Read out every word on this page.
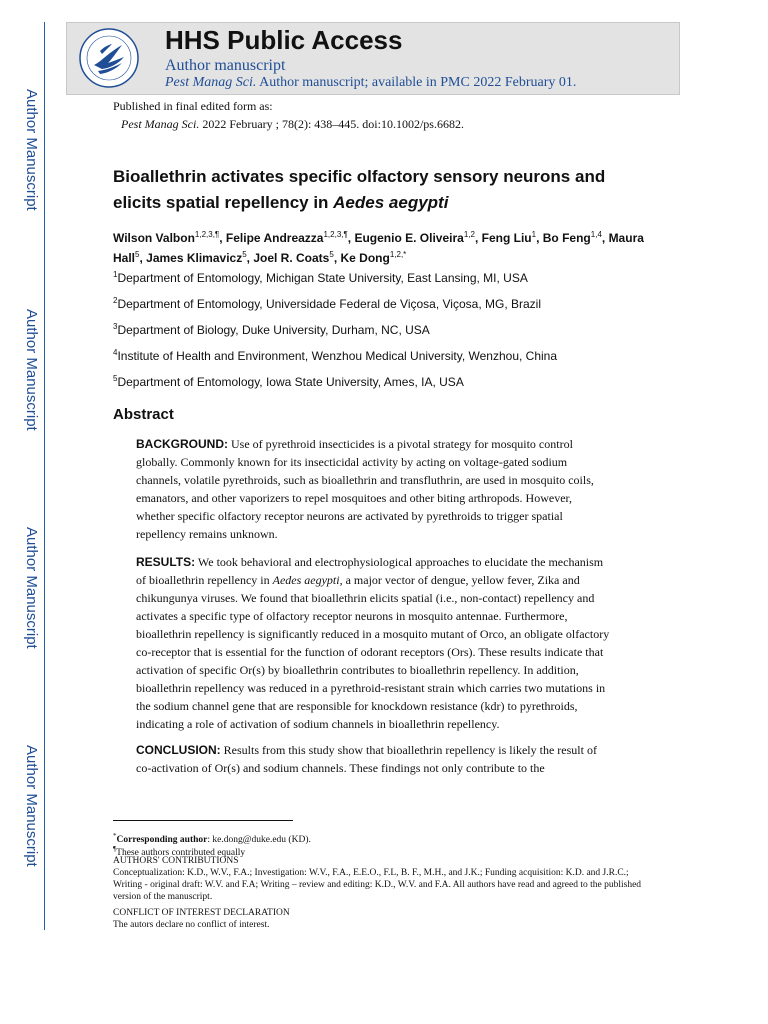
Author Manuscript
Author Manuscript
Author Manuscript
Author Manuscript
HHS Public Access
Author manuscript
Pest Manag Sci. Author manuscript; available in PMC 2022 February 01.
Published in final edited form as:
Pest Manag Sci. 2022 February ; 78(2): 438–445. doi:10.1002/ps.6682.
Bioallethrin activates specific olfactory sensory neurons and elicits spatial repellency in Aedes aegypti
Wilson Valbon$^{1,2,3,\P}$, Felipe Andreazza$^{1,2,3,\P}$, Eugenio E. Oliveira$^{1,2}$, Feng Liu$^1$, Bo Feng$^{1,4}$, Maura Hall$^5$, James Klimavicz$^5$, Joel R. Coats$^5$, Ke Dong$^{1,2,*}$
$^1$Department of Entomology, Michigan State University, East Lansing, MI, USA
$^2$Department of Entomology, Universidade Federal de Viçosa, Viçosa, MG, Brazil
$^3$Department of Biology, Duke University, Durham, NC, USA
$^4$Institute of Health and Environment, Wenzhou Medical University, Wenzhou, China
$^5$Department of Entomology, Iowa State University, Ames, IA, USA
Abstract
BACKGROUND: Use of pyrethroid insecticides is a pivotal strategy for mosquito control globally. Commonly known for its insecticidal activity by acting on voltage-gated sodium channels, volatile pyrethroids, such as bioallethrin and transfluthrin, are used in mosquito coils, emanators, and other vaporizers to repel mosquitoes and other biting arthropods. However, whether specific olfactory receptor neurons are activated by pyrethroids to trigger spatial repellency remains unknown.
RESULTS: We took behavioral and electrophysiological approaches to elucidate the mechanism of bioallethrin repellency in Aedes aegypti, a major vector of dengue, yellow fever, Zika and chikungunya viruses. We found that bioallethrin elicits spatial (i.e., non-contact) repellency and activates a specific type of olfactory receptor neurons in mosquito antennae. Furthermore, bioallethrin repellency is significantly reduced in a mosquito mutant of Orco, an obligate olfactory co-receptor that is essential for the function of odorant receptors (Ors). These results indicate that activation of specific Or(s) by bioallethrin contributes to bioallethrin repellency. In addition, bioallethrin repellency was reduced in a pyrethroid-resistant strain which carries two mutations in the sodium channel gene that are responsible for knockdown resistance (kdr) to pyrethroids, indicating a role of activation of sodium channels in bioallethrin repellency.
CONCLUSION: Results from this study show that bioallethrin repellency is likely the result of co-activation of Or(s) and sodium channels. These findings not only contribute to the
*Corresponding author: ke.dong@duke.edu (KD).
¶These authors contributed equally
AUTHORS' CONTRIBUTIONS
Conceptualization: K.D., W.V., F.A.; Investigation: W.V., F.A., E.E.O., F.L, B. F., M.H., and J.K.; Funding acquisition: K.D. and J.R.C.; Writing - original draft: W.V. and F.A; Writing – review and editing: K.D., W.V. and F.A. All authors have read and agreed to the published version of the manuscript.
CONFLICT OF INTEREST DECLARATION
The autors declare no conflict of interest.
